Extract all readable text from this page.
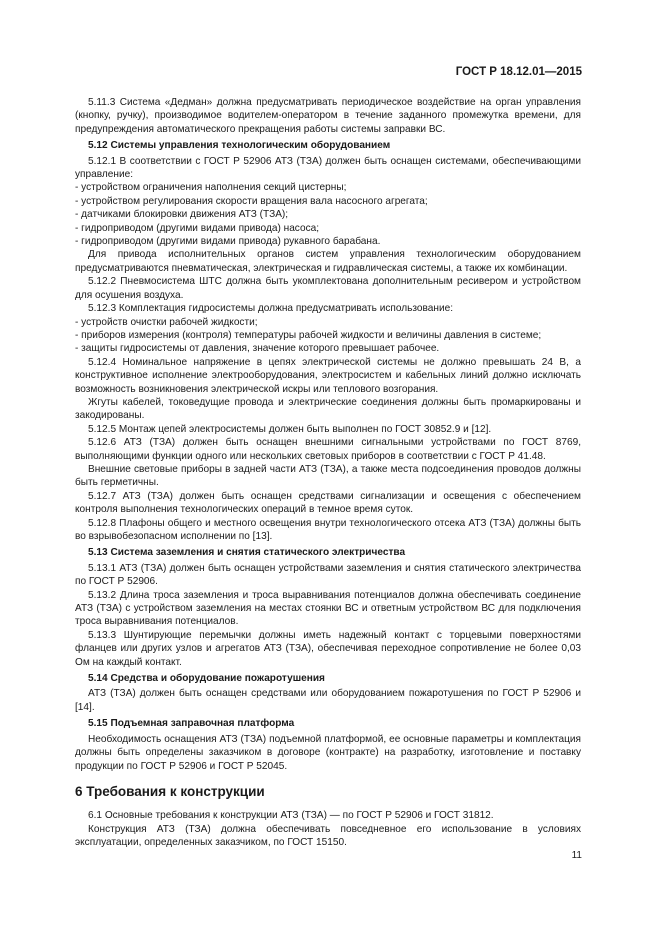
ГОСТ Р 18.12.01—2015

5.11.3 Система «Дедман» должна предусматривать периодическое воздействие на орган управления (кнопку, ручку), производимое водителем-оператором в течение заданного промежутка времени, для предупреждения автоматического прекращения работы системы заправки ВС.

5.12 Системы управления технологическим оборудованием

5.12.1 В соответствии с ГОСТ Р 52906 АТЗ (ТЗА) должен быть оснащен системами, обеспечивающими управление:

- устройством ограничения наполнения секций цистерны;

- устройством регулирования скорости вращения вала насосного агрегата;

- датчиками блокировки движения АТЗ (ТЗА);

- гидроприводом (другими видами привода) насоса;

- гидроприводом (другими видами привода) рукавного барабана.

Для привода исполнительных органов систем управления технологическим оборудованием предусматриваются пневматическая, электрическая и гидравлическая системы, а также их комбинации.

5.12.2 Пневмосистема ШТС должна быть укомплектована дополнительным ресивером и устройством для осушения воздуха.

5.12.3 Комплектация гидросистемы должна предусматривать использование:

- устройств очистки рабочей жидкости;

- приборов измерения (контроля) температуры рабочей жидкости и величины давления в системе;

- защиты гидросистемы от давления, значение которого превышает рабочее.

5.12.4 Номинальное напряжение в цепях электрической системы не должно превышать 24 В, а конструктивное исполнение электрооборудования, электросистем и кабельных линий должно исключать возможность возникновения электрической искры или теплового возгорания.

Жгуты кабелей, токоведущие провода и электрические соединения должны быть промаркированы и закодированы.

5.12.5 Монтаж цепей электросистемы должен быть выполнен по ГОСТ 30852.9 и [12].

5.12.6 АТЗ (ТЗА) должен быть оснащен внешними сигнальными устройствами по ГОСТ 8769, выполняющими функции одного или нескольких световых приборов в соответствии с ГОСТ Р 41.48.

Внешние световые приборы в задней части АТЗ (ТЗА), а также места подсоединения проводов должны быть герметичны.

5.12.7 АТЗ (ТЗА) должен быть оснащен средствами сигнализации и освещения с обеспечением контроля выполнения технологических операций в темное время суток.

5.12.8 Плафоны общего и местного освещения внутри технологического отсека АТЗ (ТЗА) должны быть во взрывобезопасном исполнении по [13].

5.13 Система заземления и снятия статического электричества

5.13.1 АТЗ (ТЗА) должен быть оснащен устройствами заземления и снятия статического электричества по ГОСТ Р 52906.

5.13.2 Длина троса заземления и троса выравнивания потенциалов должна обеспечивать соединение АТЗ (ТЗА) с устройством заземления на местах стоянки ВС и ответным устройством ВС для подключения троса выравнивания потенциалов.

5.13.3 Шунтирующие перемычки должны иметь надежный контакт с торцевыми поверхностями фланцев или других узлов и агрегатов АТЗ (ТЗА), обеспечивая переходное сопротивление не более 0,03 Ом на каждый контакт.

5.14 Средства и оборудование пожаротушения

АТЗ (ТЗА) должен быть оснащен средствами или оборудованием пожаротушения по ГОСТ Р 52906 и [14].

5.15 Подъемная заправочная платформа

Необходимость оснащения АТЗ (ТЗА) подъемной платформой, ее основные параметры и комплектация должны быть определены заказчиком в договоре (контракте) на разработку, изготовление и поставку продукции по ГОСТ Р 52906 и ГОСТ Р 52045.

6 Требования к конструкции

6.1 Основные требования к конструкции АТЗ (ТЗА) — по ГОСТ Р 52906 и ГОСТ 31812.

Конструкция АТЗ (ТЗА) должна обеспечивать повседневное его использование в условиях эксплуатации, определенных заказчиком, по ГОСТ 15150.

11
